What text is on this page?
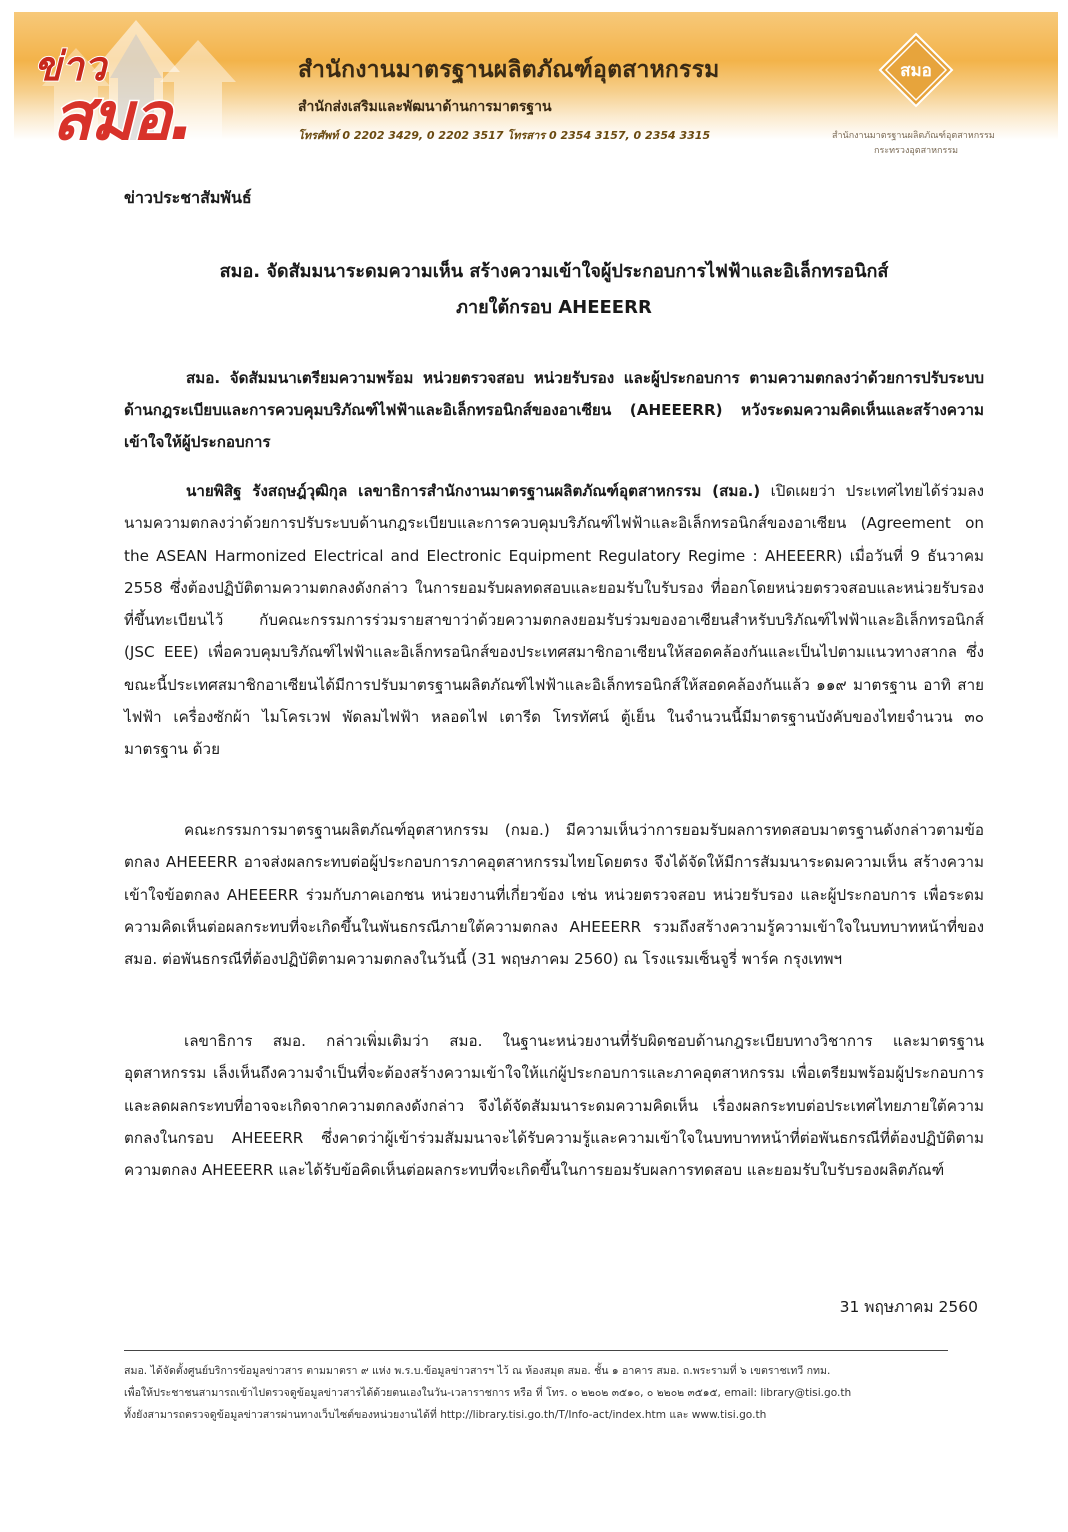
ข่าว
สมอ.
สำนักงานมาตรฐานผลิตภัณฑ์อุตสาหกรรม
สำนักส่งเสริมและพัฒนาด้านการมาตรฐาน
โทรศัพท์ 0 2202 3429, 0 2202 3517 โทรสาร 0 2354 3157, 0 2354 3315
สมอ
สำนักงานมาตรฐานผลิตภัณฑ์อุตสาหกรรม
กระทรวงอุตสาหกรรม
ข่าวประชาสัมพันธ์
สมอ. จัดสัมมนาระดมความเห็น สร้างความเข้าใจผู้ประกอบการไฟฟ้าและอิเล็กทรอนิกส์
ภายใต้กรอบ AHEEERR
สมอ. จัดสัมมนาเตรียมความพร้อม หน่วยตรวจสอบ หน่วยรับรอง และผู้ประกอบการ ตามความตกลงว่าด้วยการปรับระบบด้านกฎระเบียบและการควบคุมบริภัณฑ์ไฟฟ้าและอิเล็กทรอนิกส์ของอาเซียน (AHEEERR) หวังระดมความคิดเห็นและสร้างความเข้าใจให้ผู้ประกอบการ
นายพิสิฐ รังสฤษฎ์วุฒิกุล เลขาธิการสำนักงานมาตรฐานผลิตภัณฑ์อุตสาหกรรม (สมอ.) เปิดเผยว่า ประเทศไทยได้ร่วมลงนามความตกลงว่าด้วยการปรับระบบด้านกฎระเบียบและการควบคุมบริภัณฑ์ไฟฟ้าและอิเล็กทรอนิกส์ของอาเซียน (Agreement on the ASEAN Harmonized Electrical and Electronic Equipment Regulatory Regime : AHEEERR) เมื่อวันที่ 9 ธันวาคม 2558 ซึ่งต้องปฏิบัติตามความตกลงดังกล่าว ในการยอมรับผลทดสอบและยอมรับใบรับรอง ที่ออกโดยหน่วยตรวจสอบและหน่วยรับรองที่ขึ้นทะเบียนไว้ กับคณะกรรมการร่วมรายสาขาว่าด้วยความตกลงยอมรับร่วมของอาเซียนสำหรับบริภัณฑ์ไฟฟ้าและอิเล็กทรอนิกส์ (JSC EEE) เพื่อควบคุมบริภัณฑ์ไฟฟ้าและอิเล็กทรอนิกส์ของประเทศสมาชิกอาเซียนให้สอดคล้องกันและเป็นไปตามแนวทางสากล ซึ่งขณะนี้ประเทศสมาชิกอาเซียนได้มีการปรับมาตรฐานผลิตภัณฑ์ไฟฟ้าและอิเล็กทรอนิกส์ให้สอดคล้องกันแล้ว ๑๑๙ มาตรฐาน อาทิ สายไฟฟ้า เครื่องซักผ้า ไมโครเวฟ พัดลมไฟฟ้า หลอดไฟ เตารีด โทรทัศน์ ตู้เย็น ในจำนวนนี้มีมาตรฐานบังคับของไทยจำนวน ๓๐ มาตรฐาน ด้วย
คณะกรรมการมาตรฐานผลิตภัณฑ์อุตสาหกรรม (กมอ.) มีความเห็นว่าการยอมรับผลการทดสอบมาตรฐานดังกล่าวตามข้อตกลง AHEEERR อาจส่งผลกระทบต่อผู้ประกอบการภาคอุตสาหกรรมไทยโดยตรง จึงได้จัดให้มีการสัมมนาระดมความเห็น สร้างความเข้าใจข้อตกลง AHEEERR ร่วมกับภาคเอกชน หน่วยงานที่เกี่ยวข้อง เช่น หน่วยตรวจสอบ หน่วยรับรอง และผู้ประกอบการ เพื่อระดมความคิดเห็นต่อผลกระทบที่จะเกิดขึ้นในพันธกรณีภายใต้ความตกลง AHEEERR รวมถึงสร้างความรู้ความเข้าใจในบทบาทหน้าที่ของ สมอ. ต่อพันธกรณีที่ต้องปฏิบัติตามความตกลงในวันนี้ (31 พฤษภาคม 2560) ณ โรงแรมเซ็นจูรี่ พาร์ค กรุงเทพฯ
เลขาธิการ สมอ. กล่าวเพิ่มเติมว่า สมอ. ในฐานะหน่วยงานที่รับผิดชอบด้านกฎระเบียบทางวิชาการ และมาตรฐานอุตสาหกรรม เล็งเห็นถึงความจำเป็นที่จะต้องสร้างความเข้าใจให้แก่ผู้ประกอบการและภาคอุตสาหกรรม เพื่อเตรียมพร้อมผู้ประกอบการและลดผลกระทบที่อาจจะเกิดจากความตกลงดังกล่าว จึงได้จัดสัมมนาระดมความคิดเห็น เรื่องผลกระทบต่อประเทศไทยภายใต้ความตกลงในกรอบ AHEEERR ซึ่งคาดว่าผู้เข้าร่วมสัมมนาจะได้รับความรู้และความเข้าใจในบทบาทหน้าที่ต่อพันธกรณีที่ต้องปฏิบัติตามความตกลง AHEEERR และได้รับข้อคิดเห็นต่อผลกระทบที่จะเกิดขึ้นในการยอมรับผลการทดสอบ และยอมรับใบรับรองผลิตภัณฑ์
31 พฤษภาคม 2560
สมอ. ได้จัดตั้งศูนย์บริการข้อมูลข่าวสาร ตามมาตรา ๙ แห่ง พ.ร.บ.ข้อมูลข่าวสารฯ ไว้ ณ ห้องสมุด สมอ. ชั้น ๑ อาคาร สมอ. ถ.พระรามที่ ๖ เขตราชเทวี กทม.
เพื่อให้ประชาชนสามารถเข้าไปตรวจดูข้อมูลข่าวสารได้ด้วยตนเองในวัน-เวลาราชการ หรือ ที่ โทร. ๐ ๒๒๐๒ ๓๕๑๐, ๐ ๒๒๐๒ ๓๕๑๕, email: library@tisi.go.th
ทั้งยังสามารถตรวจดูข้อมูลข่าวสารผ่านทางเว็บไซต์ของหน่วยงานได้ที่ http://library.tisi.go.th/T/Info-act/index.htm และ www.tisi.go.th
